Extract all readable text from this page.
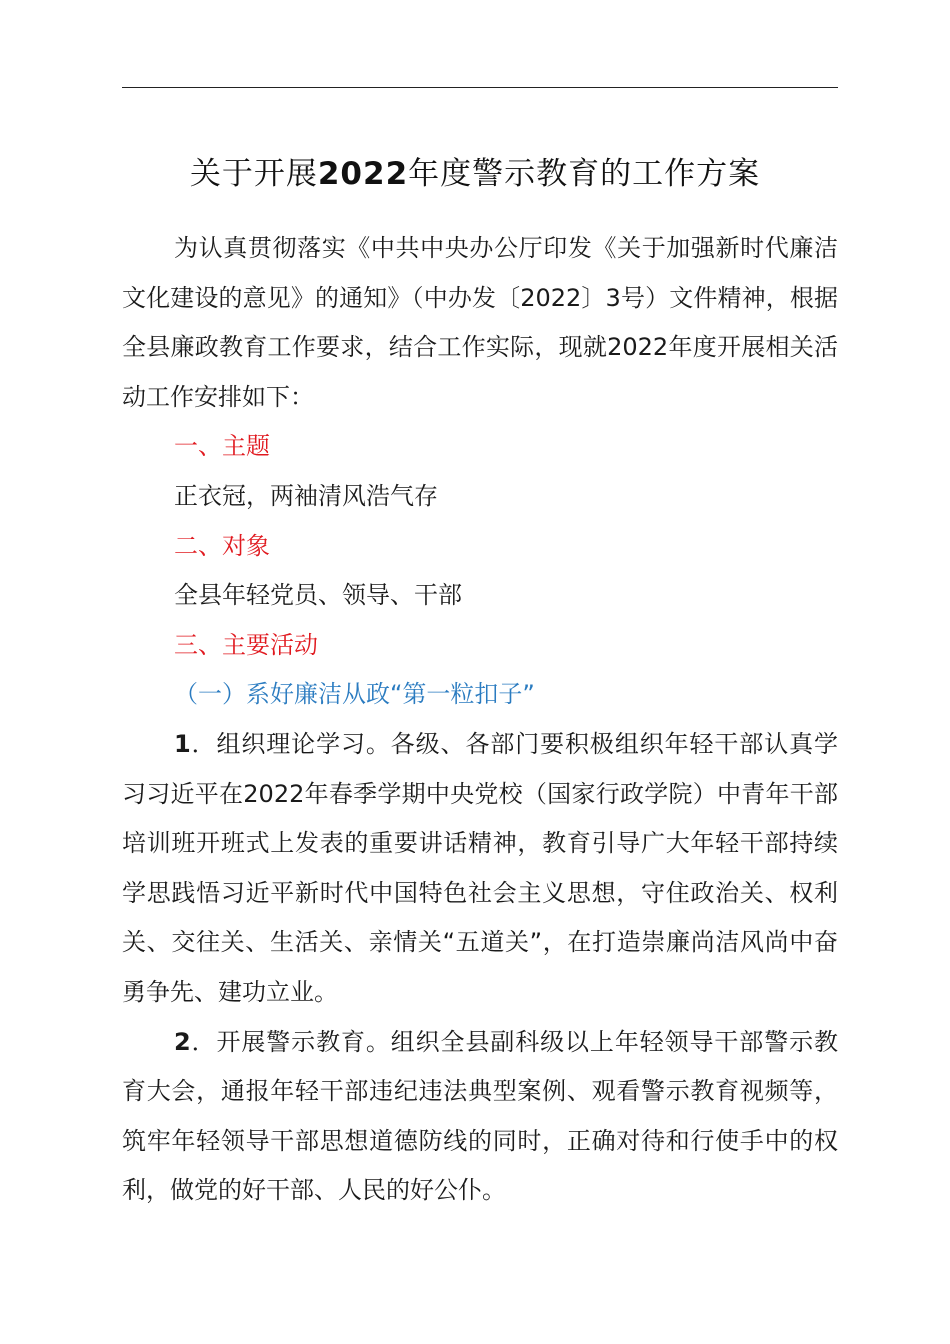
关于开展2022年度警示教育的工作方案

为认真贯彻落实《中共中央办公厅印发《关于加强新时代廉洁文化建设的意见》的通知》（中办发〔2022〕3号）文件精神，根据全县廉政教育工作要求，结合工作实际，现就2022年度开展相关活动工作安排如下：

一、主题

正衣冠，两袖清风浩气存

二、对象

全县年轻党员、领导、干部

三、主要活动

（一）系好廉洁从政“第一粒扣子”

1．组织理论学习。各级、各部门要积极组织年轻干部认真学习习近平在2022年春季学期中央党校（国家行政学院）中青年干部培训班开班式上发表的重要讲话精神，教育引导广大年轻干部持续学思践悟习近平新时代中国特色社会主义思想，守住政治关、权利关、交往关、生活关、亲情关“五道关”，在打造崇廉尚洁风尚中奋勇争先、建功立业。

2．开展警示教育。组织全县副科级以上年轻领导干部警示教育大会，通报年轻干部违纪违法典型案例、观看警示教育视频等，筑牢年轻领导干部思想道德防线的同时，正确对待和行使手中的权利，做党的好干部、人民的好公仆。
